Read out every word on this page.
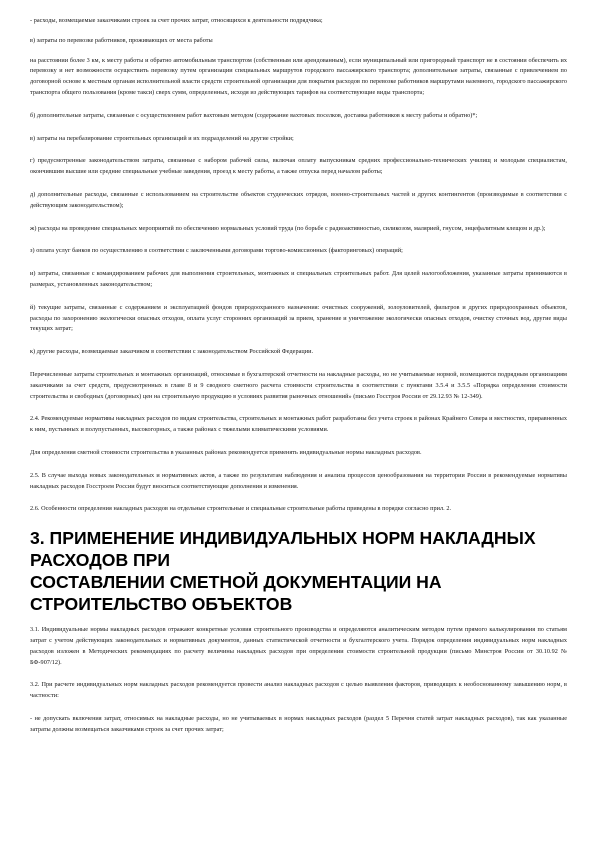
- расходы, возмещаемые заказчиками строек за счет прочих затрат, относящихся к деятельности подрядчика;

в) затраты по перевозке работников, проживающих от места работы

на расстоянии более 3 км, к месту работы и обратно автомобильным транспортом (собственным или арендованным), если муниципальный или пригородный транспорт не в состоянии обеспечить их перевозку и нет возможности осуществить перевозку путем организации специальных маршрутов городского пассажирского транспорта; дополнительные затраты, связанные с привлечением по договорной основе к местным органам исполнительной власти средств строительной организации для покрытия расходов по перевозке работников маршрутами наземного, городского пассажирского транспорта общего пользования (кроме такси) сверх сумм, определенных, исходя из действующих тарифов на соответствующие виды транспорта;

б) дополнительные затраты, связанные с осуществлением работ вахтовым методом (содержание вахтовых поселков, доставка работников к месту работы и обратно)*;

в) затраты на перебазирование строительных организаций и их подразделений на другие стройки;

г) предусмотренные законодательством затраты, связанные с набором рабочей силы, включая оплату выпускникам средних профессионально-технических училищ и молодым специалистам, окончившим высшие или средние специальные учебные заведения, проезд к месту работы, а также отпуска перед началом работы;

д) дополнительные расходы, связанные с использованием на строительстве объектов студенческих отрядов, военно-строительных частей и других контингентов (производимые в соответствии с действующим законодательством);

ж) расходы на проведение специальных мероприятий по обеспечению нормальных условий труда (по борьбе с радиоактивностью, силикозом, малярией, гнусом, энцефалитным клещом и др.);

з) оплата услуг банков по осуществлению в соответствии с заключенными договорами торгово-комиссионных (факторинговых) операций;

и) затраты, связанные с командированием рабочих для выполнения строительных, монтажных и специальных строительных работ. Для целей налогообложения, указанные затраты принимаются в размерах, установленных законодательством;

й) текущие затраты, связанные с содержанием и эксплуатацией фондов природоохранного назначения: очистных сооружений, золоуловителей, фильтров и других природоохранных объектов, расходы по захоронению экологически опасных отходов, оплата услуг сторонних организаций за прием, хранение и уничтожение экологически опасных отходов, очистку сточных вод, другие виды текущих затрат;

к) другие расходы, возмещаемые заказчиком в соответствии с законодательством Российской Федерации.

Перечисленные затраты строительных и монтажных организаций, относимые в бухгалтерской отчетности на накладные расходы, но не учитываемые нормой, возмещаются подрядным организациям заказчиками за счет средств, предусмотренных в главе 8 и 9 сводного сметного расчета стоимости строительства в соответствии с пунктами 3.5.4 и 3.5.5 «Порядка определения стоимости строительства и свободных (договорных) цен на строительную продукцию в условиях развития рыночных отношений» (письмо Госстроя России от 29.12.93 № 12-349).

2.4. Рекомендуемые нормативы накладных расходов по видам строительства, строительных и монтажных работ разработаны без учета строек в районах Крайнего Севера и местностях, приравненных к ним, пустынных и полупустынных, высокогорных, а также районах с тяжелыми климатическими условиями.

Для определения сметной стоимости строительства в указанных районах рекомендуется применять индивидуальные нормы накладных расходов.

2.5. В случае выхода новых законодательных и нормативных актов, а также по результатам наблюдения и анализа процессов ценообразования на территории России в рекомендуемые нормативы накладных расходов Госстроем России будут вноситься соответствующие дополнения и изменения.

2.6. Особенности определения накладных расходов на отдельные строительные и специальные строительные работы приведены в порядке согласно прил. 2.

3. ПРИМЕНЕНИЕ ИНДИВИДУАЛЬНЫХ НОРМ НАКЛАДНЫХ
РАСХОДОВ ПРИ
СОСТАВЛЕНИИ СМЕТНОЙ ДОКУМЕНТАЦИИ НА
СТРОИТЕЛЬСТВО ОБЪЕКТОВ

3.1. Индивидуальные нормы накладных расходов отражают конкретные условия строительного производства и определяются аналитическим методом путем прямого калькулирования по статьям затрат с учетом действующих законодательных и нормативных документов, данных статистической отчетности и бухгалтерского учета. Порядок определения индивидуальных норм накладных расходов изложен в Методических рекомендациях по расчету величины накладных расходов при определении стоимости строительной продукции (письмо Минстроя России от 30.10.92 № БФ-907/12).

3.2. При расчете индивидуальных норм накладных расходов рекомендуется провести анализ накладных расходов с целью выявления факторов, приводящих к необоснованному завышению норм, в частности:

- не допускать включения затрат, относимых на накладные расходы, но не учитываемых в нормах накладных расходов (раздел 5 Перечня статей затрат накладных расходов), так как указанные затраты должны возмещаться заказчиками строек за счет прочих затрат;
